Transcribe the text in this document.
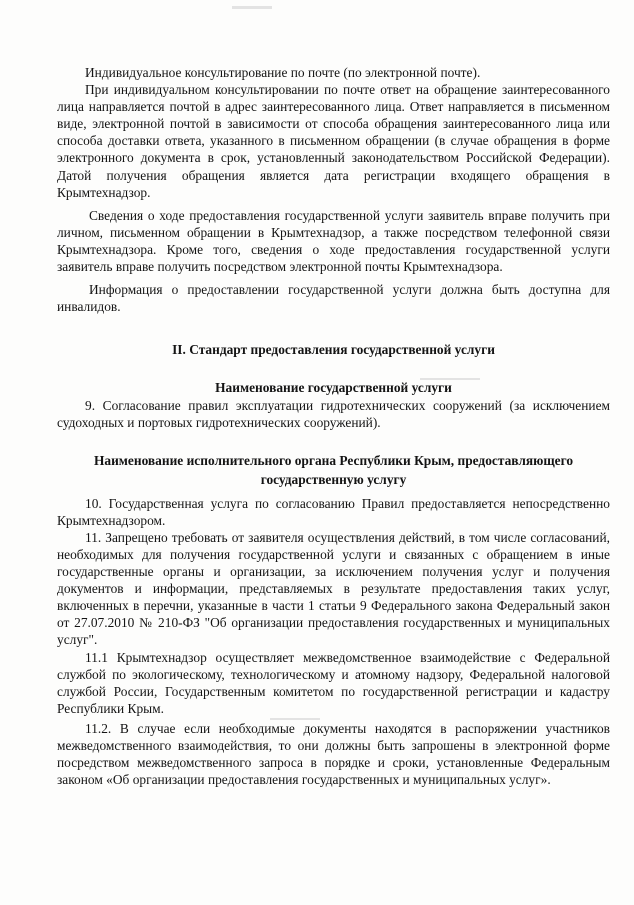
Индивидуальное консультирование по почте (по электронной почте).

При индивидуальном консультировании по почте ответ на обращение заинтересованного лица направляется почтой в адрес заинтересованного лица. Ответ направляется в письменном виде, электронной почтой в зависимости от способа обращения заинтересованного лица или способа доставки ответа, указанного в письменном обращении (в случае обращения в форме электронного документа в срок, установленный законодательством Российской Федерации). Датой получения обращения является дата регистрации входящего обращения в Крымтехнадзор.

Сведения о ходе предоставления государственной услуги заявитель вправе получить при личном, письменном обращении в Крымтехнадзор, а также посредством телефонной связи Крымтехнадзора. Кроме того, сведения о ходе предоставления государственной услуги заявитель вправе получить посредством электронной почты Крымтехнадзора.

Информация о предоставлении государственной услуги должна быть доступна для инвалидов.

II. Стандарт предоставления государственной услуги

Наименование государственной услуги

9. Согласование правил эксплуатации гидротехнических сооружений (за исключением судоходных и портовых гидротехнических сооружений).

Наименование исполнительного органа Республики Крым, предоставляющего государственную услугу

10. Государственная услуга по согласованию Правил предоставляется непосредственно Крымтехнадзором.

11. Запрещено требовать от заявителя осуществления действий, в том числе согласований, необходимых для получения государственной услуги и связанных с обращением в иные государственные органы и организации, за исключением получения услуг и получения документов и информации, представляемых в результате предоставления таких услуг, включенных в перечни, указанные в части 1 статьи 9 Федерального закона Федеральный закон от 27.07.2010 № 210-ФЗ "Об организации предоставления государственных и муниципальных услуг".

11.1 Крымтехнадзор осуществляет межведомственное взаимодействие с Федеральной службой по экологическому, технологическому и атомному надзору, Федеральной налоговой службой России, Государственным комитетом по государственной регистрации и кадастру Республики Крым.

11.2. В случае если необходимые документы находятся в распоряжении участников межведомственного взаимодействия, то они должны быть запрошены в электронной форме посредством межведомственного запроса в порядке и сроки, установленные Федеральным законом «Об организации предоставления государственных и муниципальных услуг».
